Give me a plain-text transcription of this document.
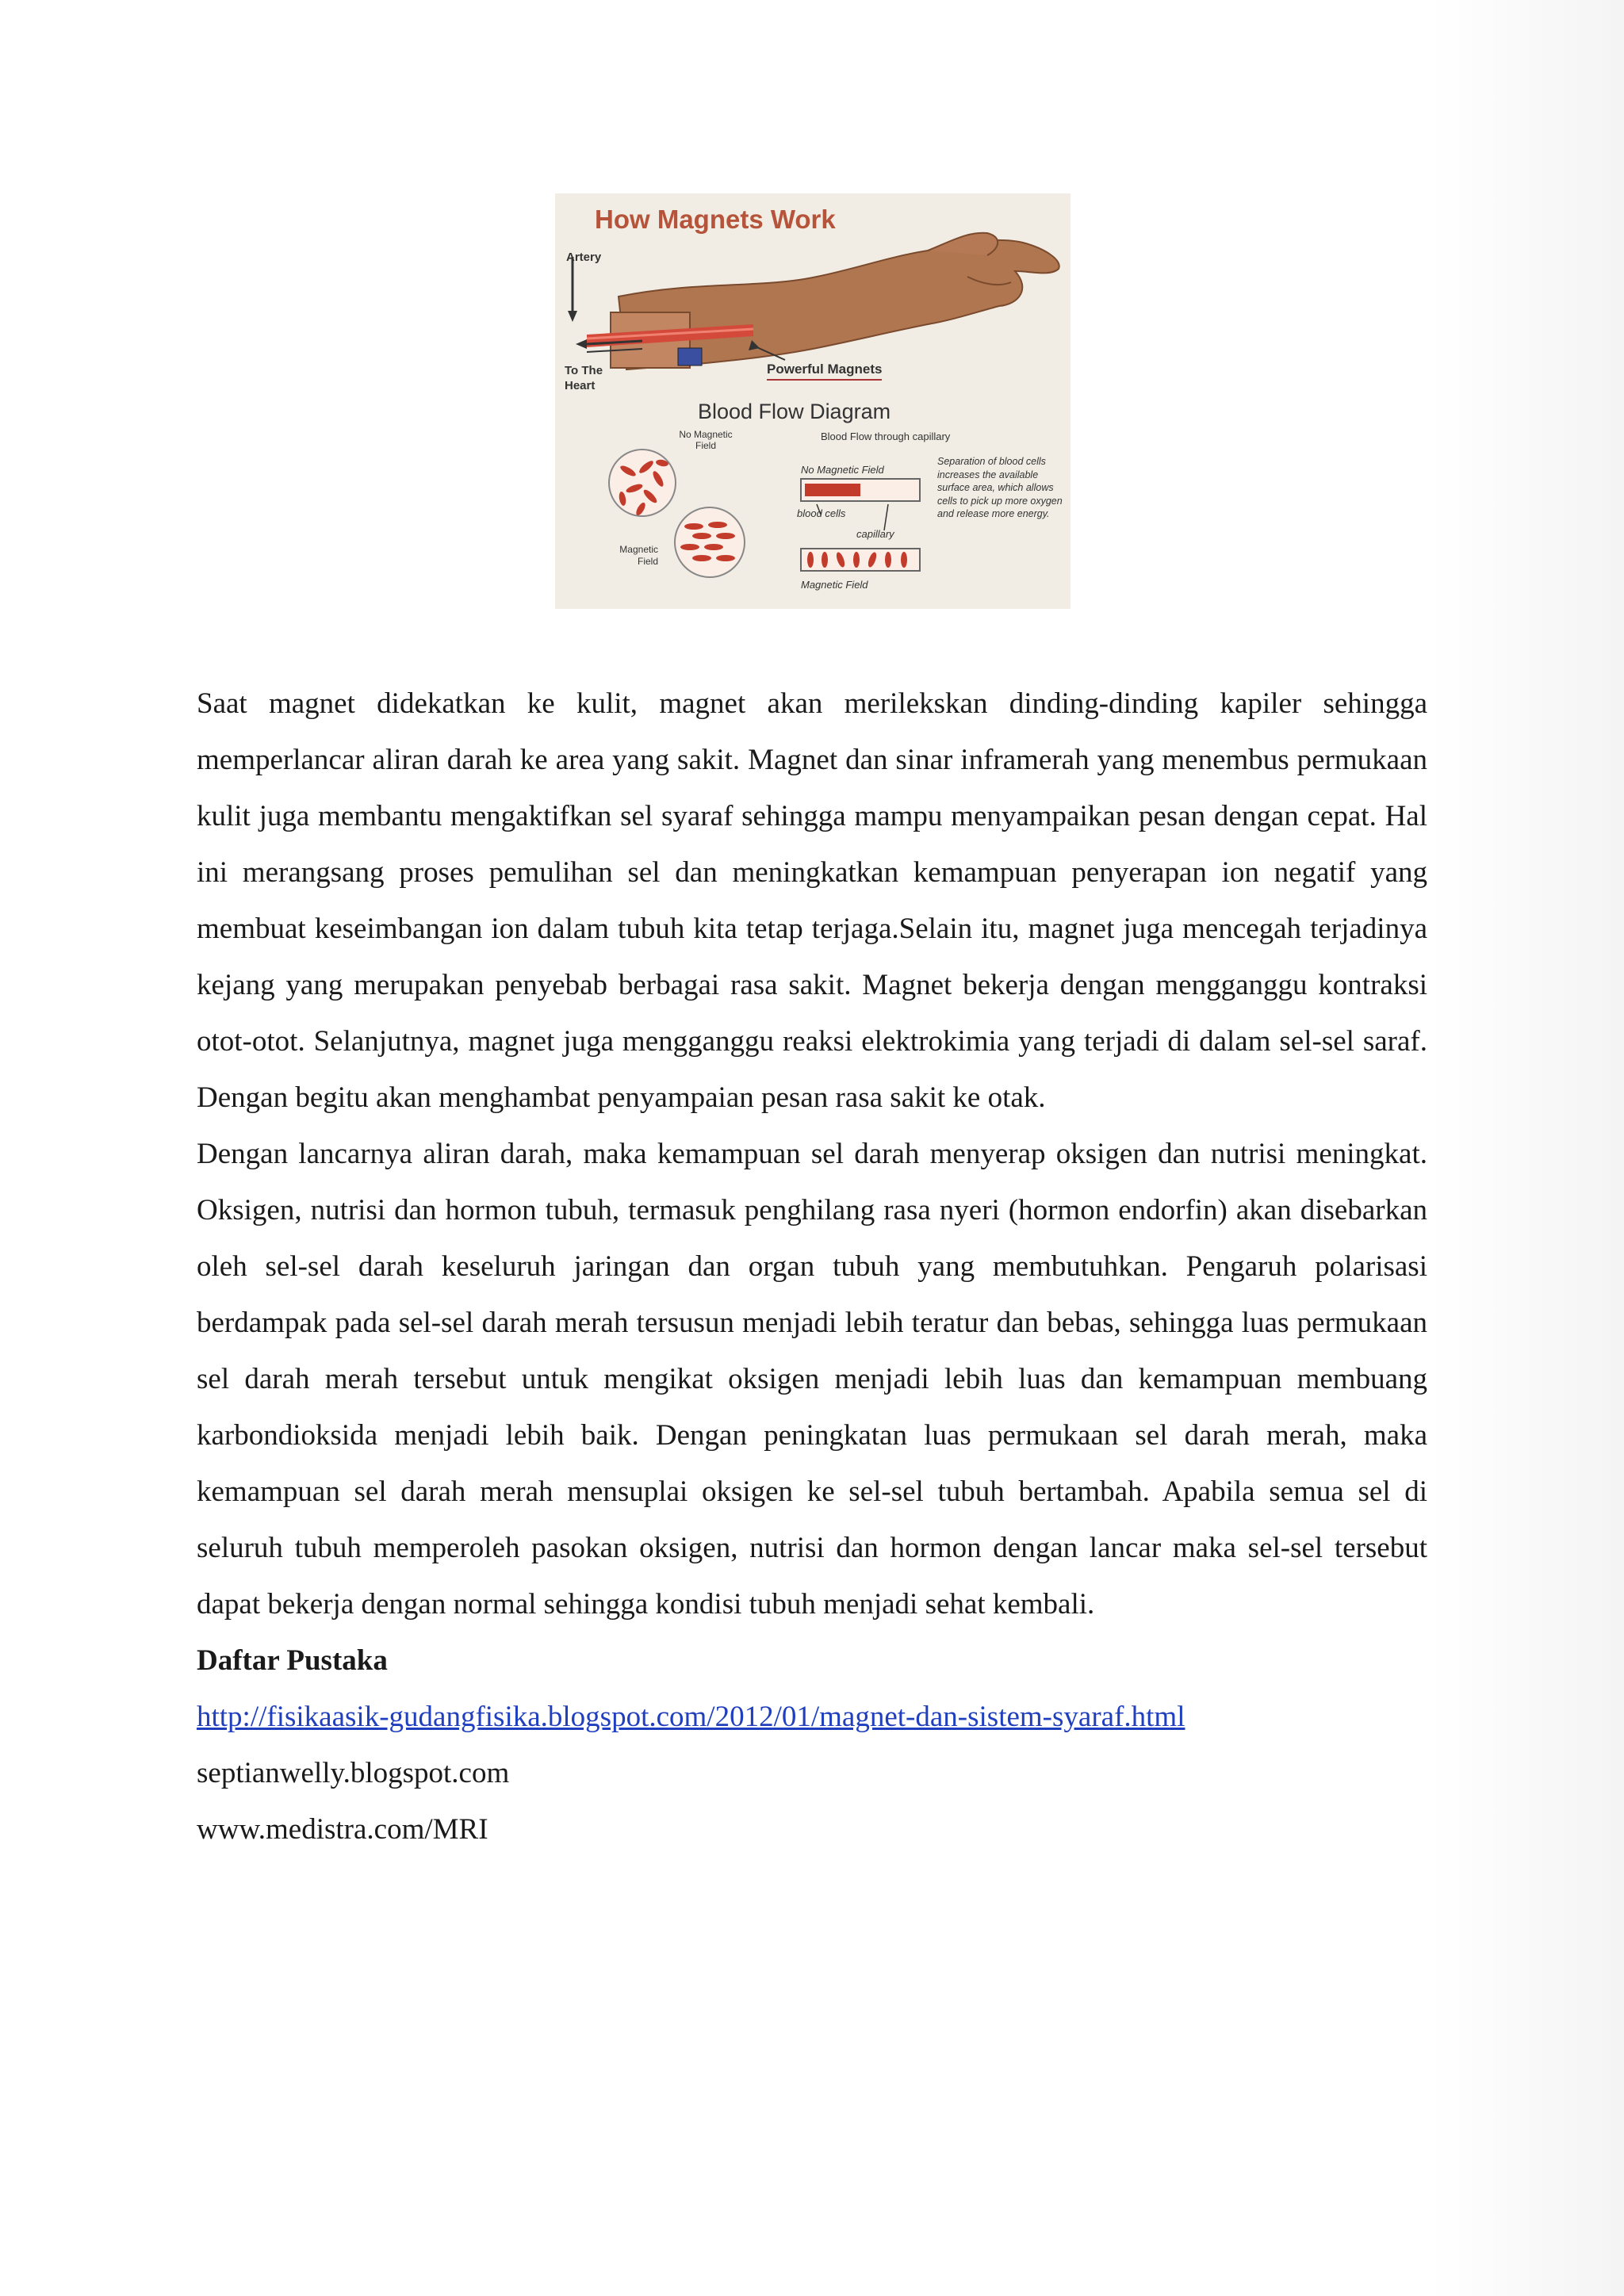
How Magnets Work
Artery
To The Heart
Powerful Magnets
Blood Flow Diagram
No Magnetic Field
Blood Flow through capillary
No Magnetic Field
Separation of blood cells increases the available surface area, which allows cells to pick up more oxygen and release more energy.
blood cells
capillary
Magnetic Field
Magnetic Field

Saat magnet didekatkan ke kulit, magnet akan merilekskan dinding-dinding kapiler sehingga memperlancar aliran darah ke area yang sakit. Magnet dan sinar inframerah yang menembus permukaan kulit juga membantu mengaktifkan sel syaraf sehingga mampu menyampaikan pesan dengan cepat. Hal ini merangsang proses pemulihan sel dan meningkatkan kemampuan penyerapan ion negatif yang membuat keseimbangan ion dalam tubuh kita tetap terjaga.Selain itu, magnet juga mencegah terjadinya kejang yang merupakan penyebab berbagai rasa sakit. Magnet bekerja dengan mengganggu kontraksi otot-otot. Selanjutnya, magnet juga mengganggu reaksi elektrokimia yang terjadi di dalam sel-sel saraf. Dengan begitu akan menghambat penyampaian pesan rasa sakit ke otak.

Dengan lancarnya aliran darah, maka kemampuan sel darah menyerap oksigen dan nutrisi meningkat. Oksigen, nutrisi dan hormon tubuh, termasuk penghilang rasa nyeri (hormon endorfin) akan disebarkan oleh sel-sel darah keseluruh jaringan dan organ tubuh yang membutuhkan. Pengaruh polarisasi berdampak pada sel-sel darah merah tersusun menjadi lebih teratur dan bebas, sehingga luas permukaan sel darah merah tersebut untuk mengikat oksigen menjadi lebih luas dan kemampuan membuang karbondioksida menjadi lebih baik. Dengan peningkatan luas permukaan sel darah merah, maka kemampuan sel darah merah mensuplai oksigen ke sel-sel tubuh bertambah. Apabila semua sel di seluruh tubuh memperoleh pasokan oksigen, nutrisi dan hormon dengan lancar maka sel-sel tersebut dapat bekerja dengan normal sehingga kondisi tubuh menjadi sehat kembali.

Daftar Pustaka

http://fisikaasik-gudangfisika.blogspot.com/2012/01/magnet-dan-sistem-syaraf.html

septianwelly.blogspot.com

www.medistra.com/MRI
